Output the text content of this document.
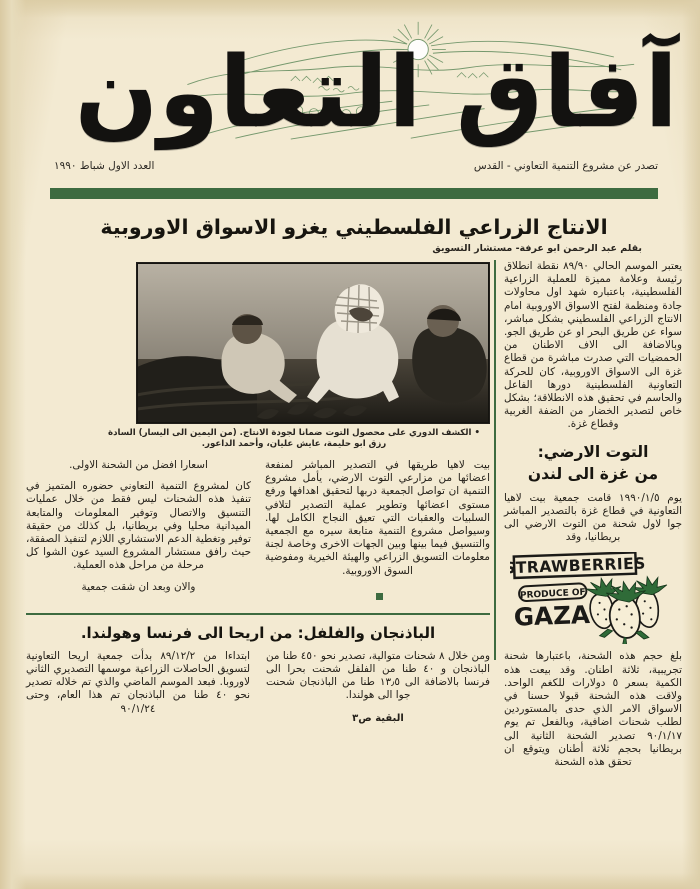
آفاق التعاون
العدد الاول شباط ١٩٩٠	تصدر عن مشروع التنمية التعاوني - القدس
الانتاج الزراعي الفلسطيني يغزو الاسواق الاوروبية
بقلم عبد الرحمن ابو عرفة- مستشار التسويق
يعتبر الموسم الحالي ٨٩/٩٠ نقطة انطلاق رئيسة وعلامة مميزة للعملية الزراعية الفلسطينية، باعتباره شهد اول محاولات جادة ومنظمة لفتح الاسواق الاوروبية امام الانتاج الزراعي الفلسطيني بشكل مباشر، سواء عن طريق البحر او عن طريق الجو. وبالاضافة الى الاف الاطنان من الحمضيات التي صدرت مباشرة من قطاع غزة الى الاسواق الاوروبية، كان للحركة التعاونية الفلسطينية دورها الفاعل والحاسم في تحقيق هذه الانطلاقة؛ بشكل خاص لتصدير الخضار من الضفة الغربية وقطاع غزة.
التوت الارضي:
من غزة الى لندن
يوم ١٩٩٠/١/٥ قامت جمعية بيت لاهيا التعاونية في قطاع غزة بالتصدير المباشر جوا لاول شحنة من التوت الارضي الى بريطانيا، وقد
STRAWBERRIES
PRODUCE OF
GAZA
بلغ حجم هذه الشحنة، باعتبارها شحنة تجريبية، ثلاثة اطنان. وقد بيعت هذه الكمية بسعر ٥ دولارات للكغم الواحد. ولاقت هذه الشحنة قبولا حسنا في الاسواق الامر الذي حدى بالمستوردين لطلب شحنات اضافية، وبالفعل تم يوم ٩٠/١/١٧ تصدير الشحنة الثانية الى بريطانيا بحجم ثلاثة أطنان ويتوقع ان تحقق هذه الشحنة
• الكشف الدوري على محصول التوت ضمانا لجودة الانتاج. (من اليمين الى اليسار) السادة رزق ابو حليمة، عايش عليان، وأحمد الداعور.
بيت لاهيا طريقها في التصدير المباشر لمنفعة اعضائها من مزارعي التوت الارضي، يأمل مشروع التنمية ان تواصل الجمعية دربها لتحقيق اهدافها ورفع مستوى اعضائها وتطوير عملية التصدير لتلافي السلبيات والعقبات التي تعيق النجاح الكامل لها. وسيواصل مشروع التنمية متابعة سيره مع الجمعية والتنسيق فيما بينها وبين الجهات الاخرى وخاصة لجنة معلومات التسويق الزراعي والهيئة الخيرية ومفوضية السوق الاوروبية.
اسعارا افضل من الشحنة الاولى.
كان لمشروع التنمية التعاوني حضوره المتميز في تنفيذ هذه الشحنات ليس فقط من خلال عمليات التنسيق والاتصال وتوفير المعلومات والمتابعة الميدانية محليا وفي بريطانيا، بل كذلك من حقيقة توفير وتغطية الدعم الاستشاري اللازم لتنفيذ الصفقة، حيث رافق مستشار المشروع السيد عون الشوا كل مرحلة من مراحل هذه العملية.
والان وبعد ان شقت جمعية
الباذنجان والفلفل: من اريحا الى فرنسا وهولندا.
ومن خلال ٨ شحنات متوالية، تصدير نحو ٤٥٠ طنا من الباذنجان و ٤٠ طنا من الفلفل شحنت بحرا الى فرنسا بالاضافة الى ١٣٫٥ طنا من الباذنجان شحنت جوا الى هولندا.
البقية ص٣
ابتداءا من ٨٩/١٢/٢ بدأت جمعية اريحا التعاونية لتسويق الحاصلات الزراعية موسمها التصديري الثاني لاوروبا. فبعد الموسم الماضي والذي تم خلاله تصدير نحو ٤٠ طنا من الباذنجان تم هذا العام، وحتى ٩٠/١/٢٤
